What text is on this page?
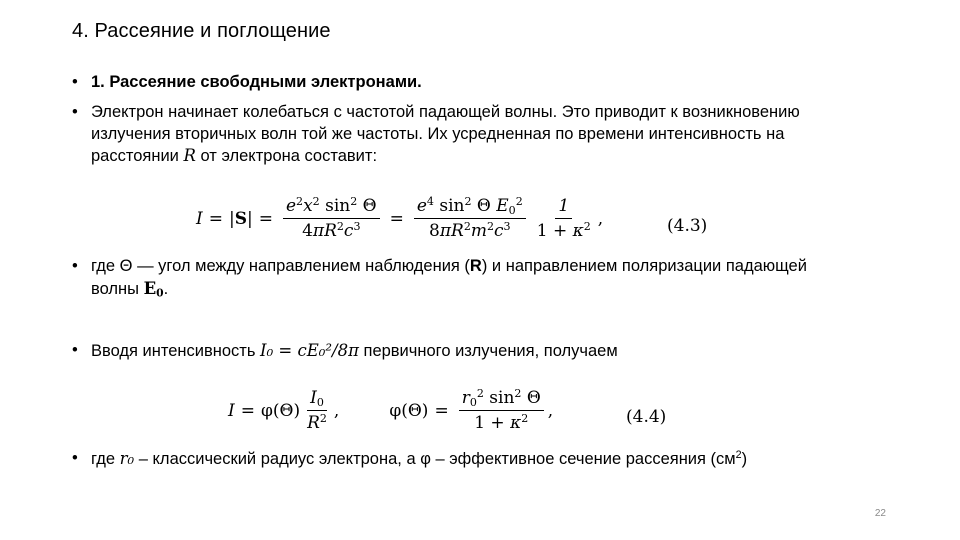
4. Рассеяние и поглощение
• 1. Рассеяние свободными электронами.
• Электрон начинает колебаться с частотой падающей волны. Это приводит к возникновению излучения вторичных волн той же частоты. Их усредненная по времени интенсивность на расстоянии R от электрона составит:
$I = |S| = \frac{e^2x^2 \sin^2 \Theta}{4\pi R^2c^3} = \frac{e^4 \sin^2 \Theta E_0^2}{8\pi R^2m^2c^3} \frac{1}{1 + \kappa^2}$ ,	(4.3)
• где Θ — угол между направлением наблюдения (R) и направлением поляризации падающей волны $E_0$.
• Вводя интенсивность I₀ = cE₀²/8π первичного излучения, получаем
$I = \varphi(\Theta) \frac{I_0}{R^2}$ ,	$\varphi(\Theta) = \frac{r_0^2 \sin^2 \Theta}{1 + \kappa^2}$ ,	(4.4)
• где r₀ – классический радиус электрона, а φ – эффективное сечение рассеяния $(см^2)$
22
